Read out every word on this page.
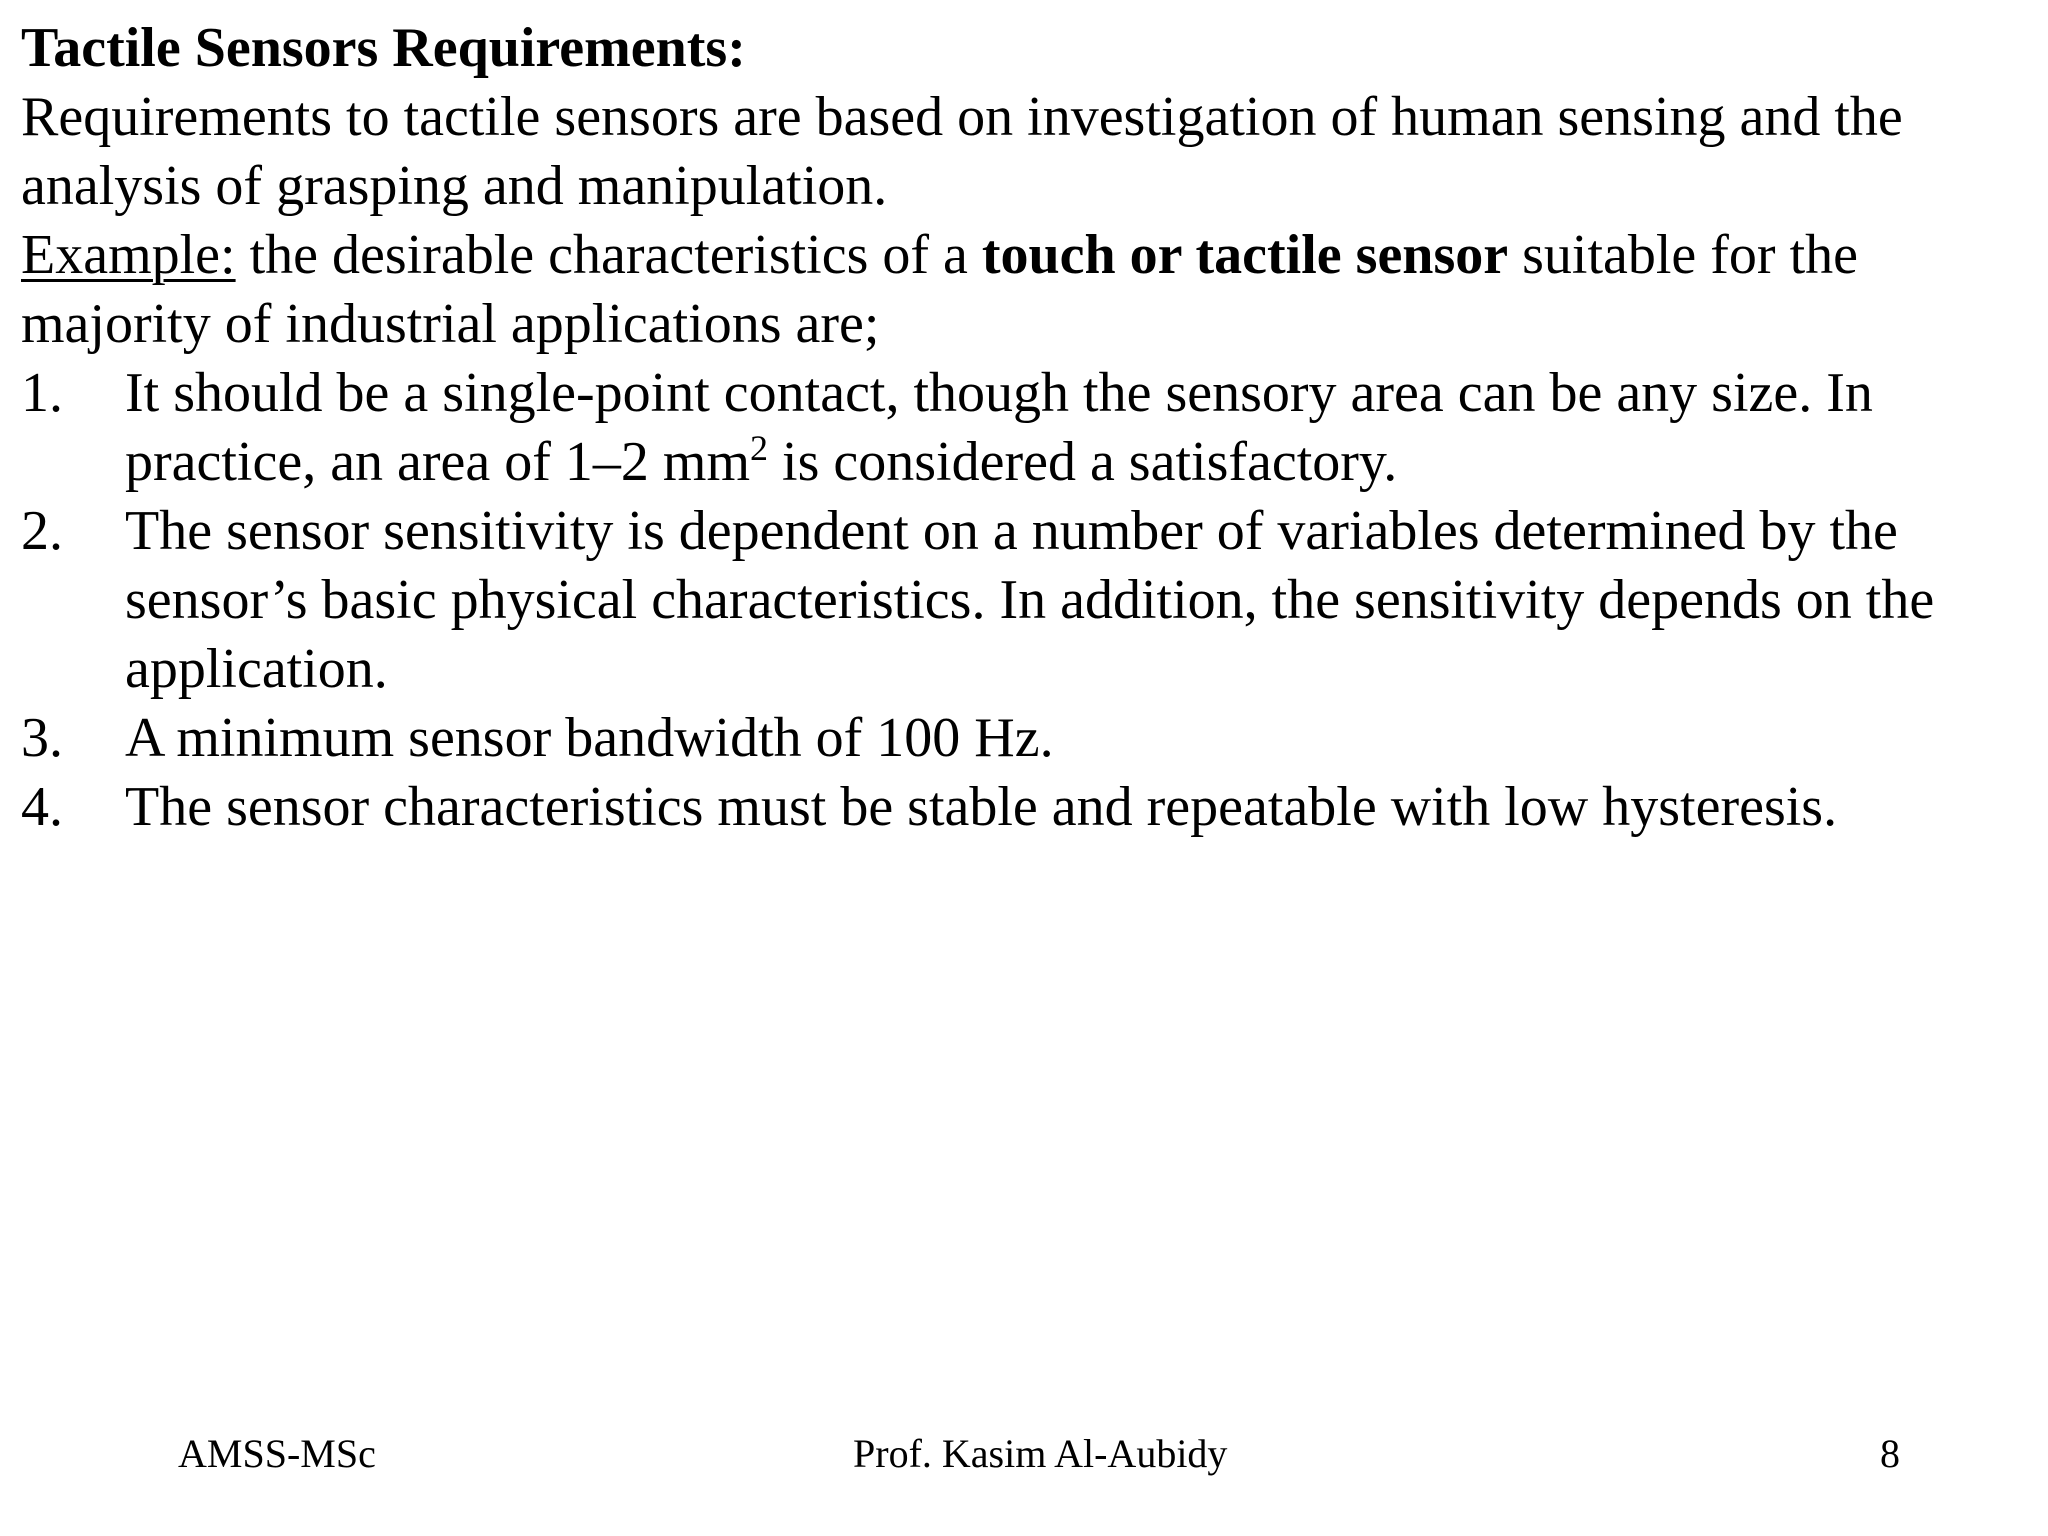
Tactile Sensors Requirements:

Requirements to tactile sensors are based on investigation of human sensing and the analysis of grasping and manipulation.

Example: the desirable characteristics of a touch or tactile sensor suitable for the majority of industrial applications are;

1. It should be a single-point contact, though the sensory area can be any size. In practice, an area of 1–2 $mm^2$ is considered a satisfactory.
2. The sensor sensitivity is dependent on a number of variables determined by the sensor’s basic physical characteristics. In addition, the sensitivity depends on the application.
3. A minimum sensor bandwidth of 100 Hz.
4. The sensor characteristics must be stable and repeatable with low hysteresis.
AMSS-MSc	Prof. Kasim Al-Aubidy	8
